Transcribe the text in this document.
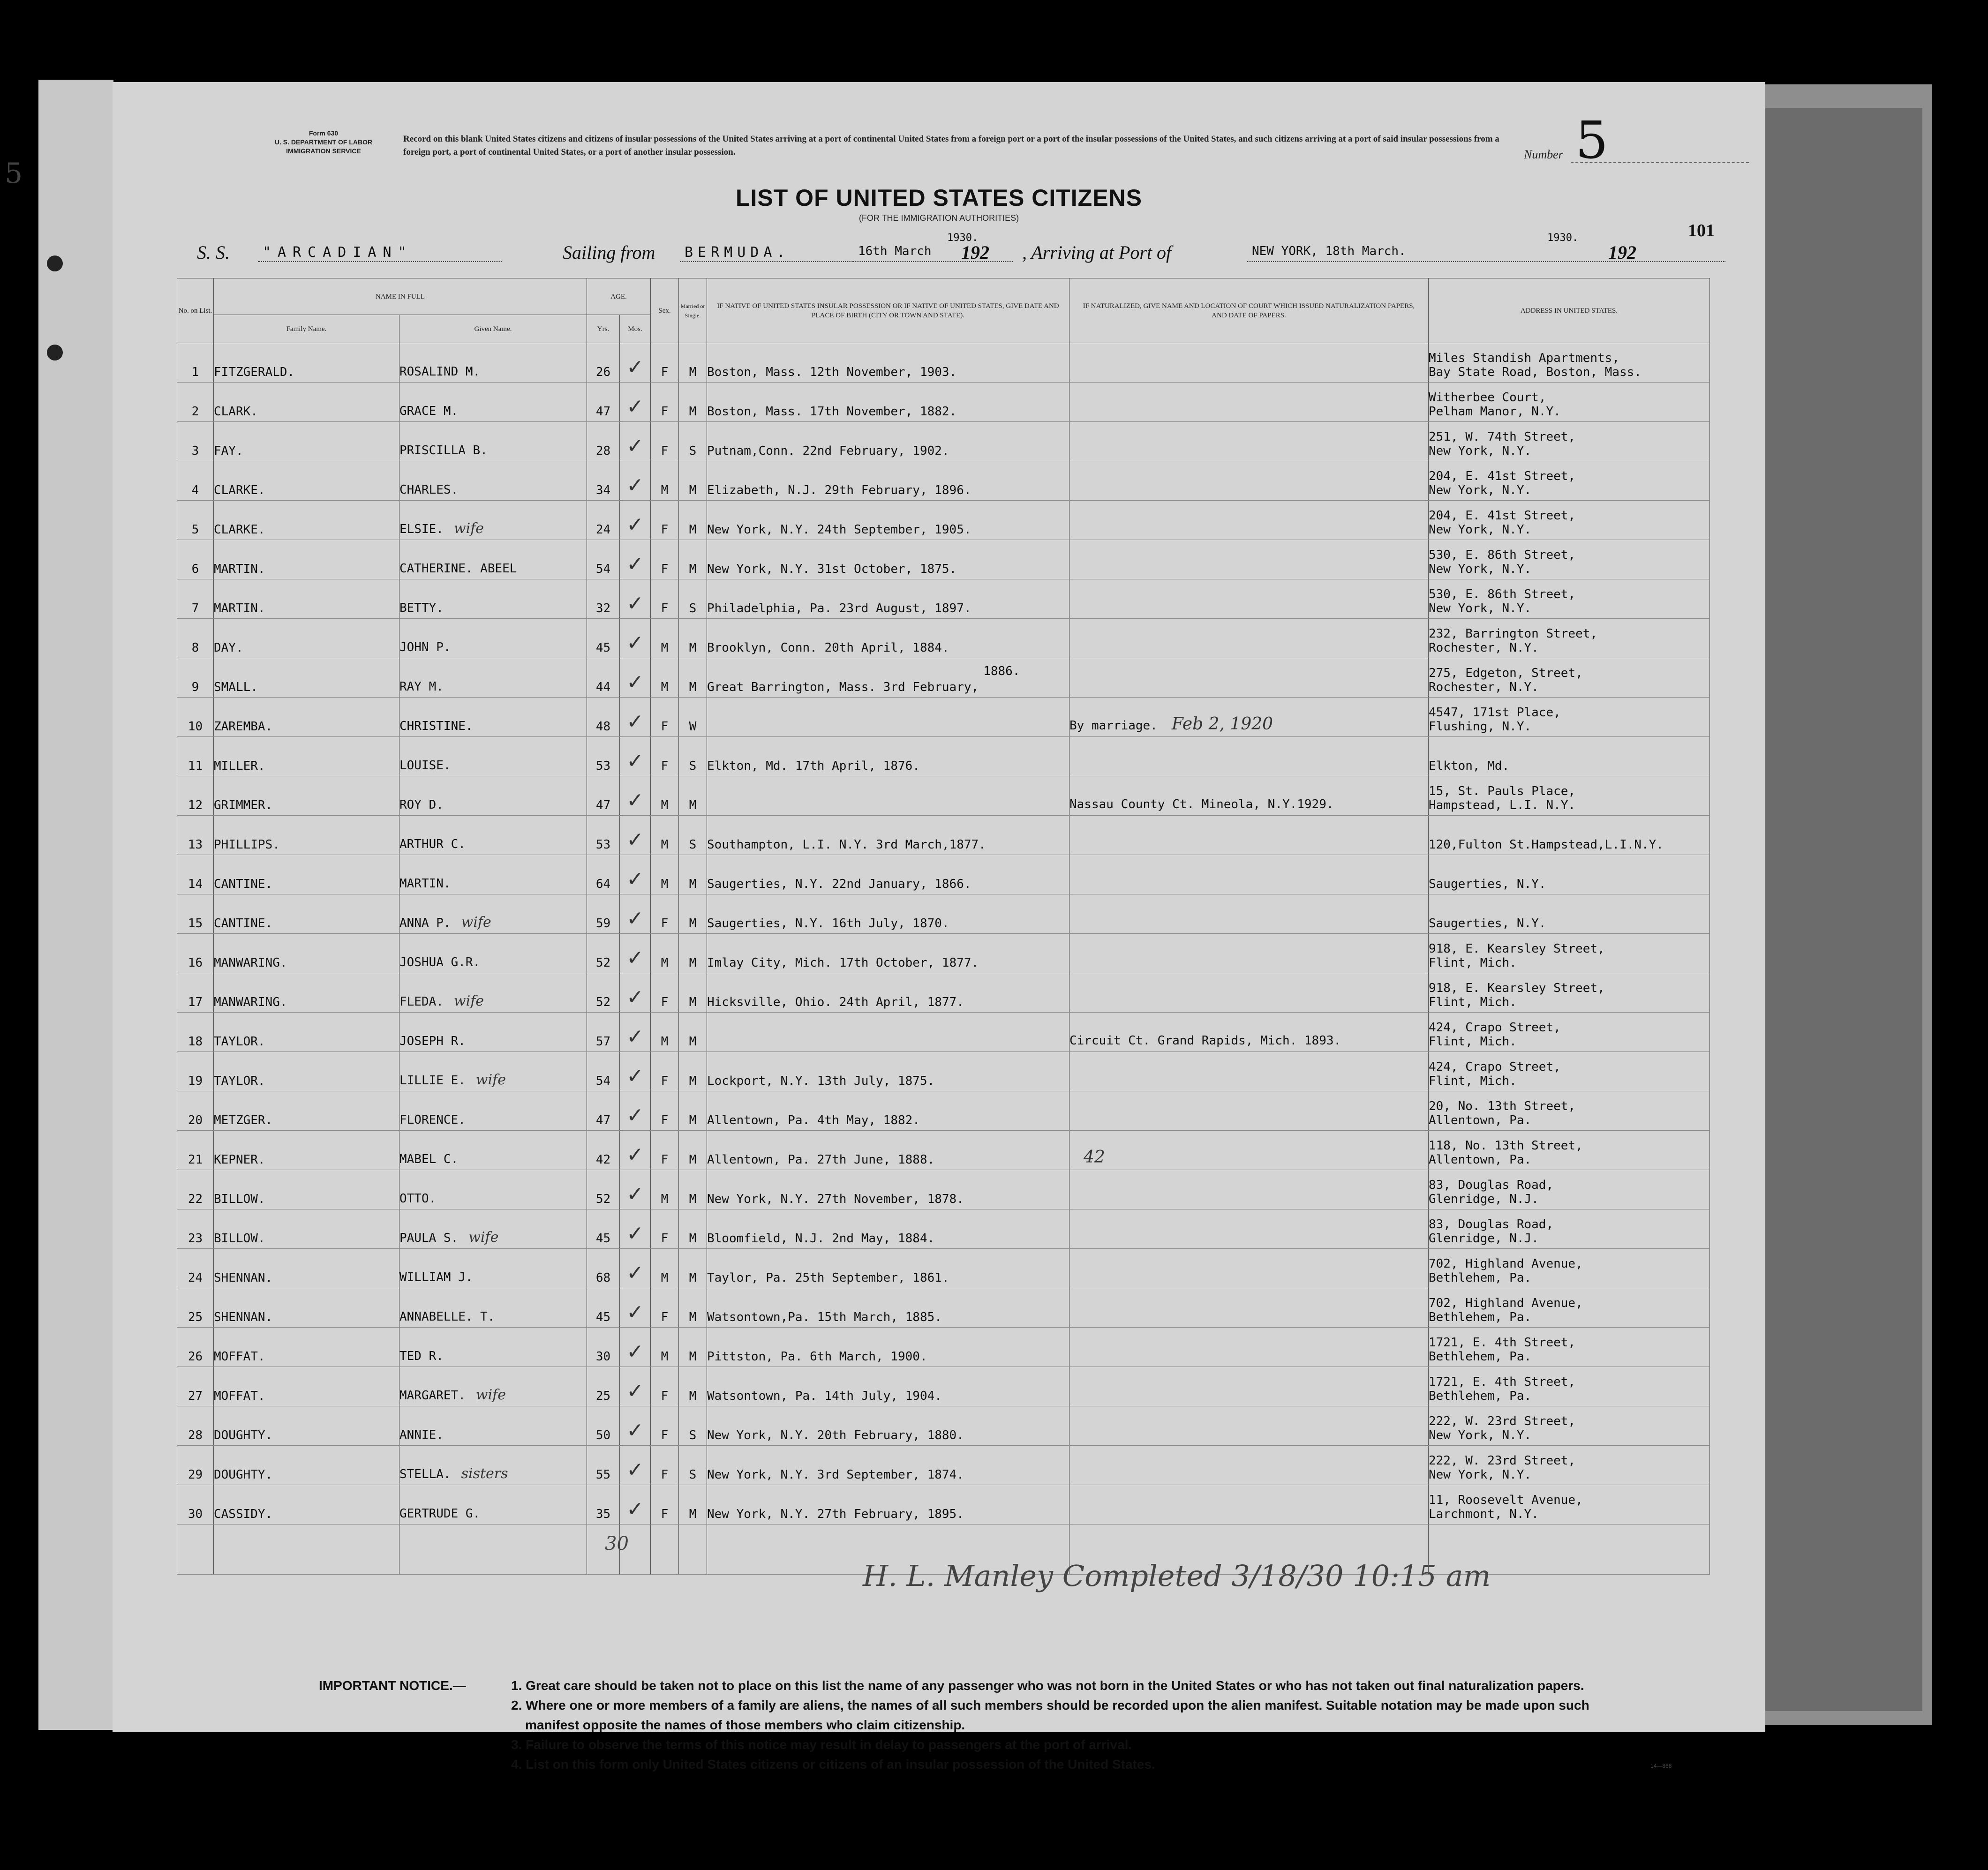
5
Form 630
U. S. DEPARTMENT OF LABOR
IMMIGRATION SERVICE
Record on this blank United States citizens and citizens of insular possessions of the United States arriving at a port of continental United States from a foreign port or a port of the insular possessions of the United States, and such citizens arriving at a port of said insular possessions from a foreign port, a port of continental United States, or a port of another insular possession.	Number 5
LIST OF UNITED STATES CITIZENS
(FOR THE IMMIGRATION AUTHORITIES)
101
S. S. "ARCADIAN"	Sailing from BERMUDA.	16th March
1930.
192 , Arriving at Port of	NEW YORK, 18th March.
1930.
192
No. on List.	NAME IN FULL		AGE.		Sex.	Married or Single.	IF NATIVE OF UNITED STATES INSULAR POSSESSION OR IF NATIVE OF UNITED STATES, GIVE DATE AND PLACE OF BIRTH (CITY OR TOWN AND STATE).	IF NATURALIZED, GIVE NAME AND LOCATION OF COURT WHICH ISSUED NATURALIZATION PAPERS, AND DATE OF PAPERS.	ADDRESS IN UNITED STATES.
	Family Name.	Given Name.	Yrs.	Mos.					
1	FITZGERALD.	ROSALIND M.	26	✓	F	M	Boston, Mass. 12th November, 1903.		Miles Standish Apartments,
Bay State Road, Boston, Mass.

2	CLARK.	GRACE M.	47	✓	F	M	Boston, Mass. 17th November, 1882.		Witherbee Court,
Pelham Manor, N.Y.

3	FAY.	PRISCILLA B.	28	✓	F	S	Putnam,Conn. 22nd February, 1902.		251, W. 74th Street,
New York, N.Y.

4	CLARKE.	CHARLES.	34	✓	M	M	Elizabeth, N.J. 29th February, 1896.		204, E. 41st Street,
New York, N.Y.

5	CLARKE.	ELSIE. wife	24	✓	F	M	New York, N.Y. 24th September, 1905.		204, E. 41st Street,
New York, N.Y.

6	MARTIN.	CATHERINE. ABEEL	54	✓	F	M	New York, N.Y. 31st October, 1875.		530, E. 86th Street,
New York, N.Y.

7	MARTIN.	BETTY.	32	✓	F	S	Philadelphia, Pa. 23rd August, 1897.		530, E. 86th Street,
New York, N.Y.

8	DAY.	JOHN P.	45	✓	M	M	Brooklyn, Conn. 20th April, 1884.		232, Barrington Street,
Rochester, N.Y.

9	SMALL.	RAY M.	44	✓	M	M	Great Barrington, Mass. 3rd February,1886.		275, Edgeton, Street,
Rochester, N.Y.

10	ZAREMBA.	CHRISTINE.	48	✓	F	W		By marriage. Feb 2, 1920	4547, 171st Place,
Flushing, N.Y.

11	MILLER.	LOUISE.	53	✓	F	S	Elkton, Md. 17th April, 1876.		Elkton, Md.

12	GRIMMER.	ROY D.	47	✓	M	M		Nassau County Ct. Mineola, N.Y.1929.	15, St. Pauls Place,
Hampstead, L.I. N.Y.

13	PHILLIPS.	ARTHUR C.	53	✓	M	S	Southampton, L.I. N.Y. 3rd March,1877.		120,Fulton St.Hampstead,L.I.N.Y.

14	CANTINE.	MARTIN.	64	✓	M	M	Saugerties, N.Y. 22nd January, 1866.		Saugerties, N.Y.

15	CANTINE.	ANNA P. wife	59	✓	F	M	Saugerties, N.Y. 16th July, 1870.		Saugerties, N.Y.

16	MANWARING.	JOSHUA G.R.	52	✓	M	M	Imlay City, Mich. 17th October, 1877.		918, E. Kearsley Street,
Flint, Mich.

17	MANWARING.	FLEDA. wife	52	✓	F	M	Hicksville, Ohio. 24th April, 1877.		918, E. Kearsley Street,
Flint, Mich.

18	TAYLOR.	JOSEPH R.	57	✓	M	M		Circuit Ct. Grand Rapids, Mich. 1893.	424, Crapo Street,
Flint, Mich.

19	TAYLOR.	LILLIE E. wife	54	✓	F	M	Lockport, N.Y. 13th July, 1875.		424, Crapo Street,
Flint, Mich.

20	METZGER.	FLORENCE.	47	✓	F	M	Allentown, Pa. 4th May, 1882.		20, No. 13th Street,
Allentown, Pa.

21	KEPNER.	MABEL C.	42	✓	F	M	Allentown, Pa. 27th June, 1888.	42	118, No. 13th Street,
Allentown, Pa.

22	BILLOW.	OTTO.	52	✓	M	M	New York, N.Y. 27th November, 1878.		83, Douglas Road,
Glenridge, N.J.

23	BILLOW.	PAULA S. wife	45	✓	F	M	Bloomfield, N.J. 2nd May, 1884.		83, Douglas Road,
Glenridge, N.J.

24	SHENNAN.	WILLIAM J.	68	✓	M	M	Taylor, Pa. 25th September, 1861.		702, Highland Avenue,
Bethlehem, Pa.

25	SHENNAN.	ANNABELLE. T.	45	✓	F	M	Watsontown,Pa. 15th March, 1885.		702, Highland Avenue,
Bethlehem, Pa.

26	MOFFAT.	TED R.	30	✓	M	M	Pittston, Pa. 6th March, 1900.		1721, E. 4th Street,
Bethlehem, Pa.

27	MOFFAT.	MARGARET. wife	25	✓	F	M	Watsontown, Pa. 14th July, 1904.		1721, E. 4th Street,
Bethlehem, Pa.

28	DOUGHTY.	ANNIE.	50	✓	F	S	New York, N.Y. 20th February, 1880.		222, W. 23rd Street,
New York, N.Y.

29	DOUGHTY.	STELLA. sisters	55	✓	F	S	New York, N.Y. 3rd September, 1874.		222, W. 23rd Street,
New York, N.Y.

30	CASSIDY.	GERTRUDE G.	35	✓	F	M	New York, N.Y. 27th February, 1895.		11, Roosevelt Avenue,
Larchmont, N.Y.

H. L. Manley Completed 3/18/30 10:15 am
30
IMPORTANT NOTICE.—	1. Great care should be taken not to place on this list the name of any passenger who was not born in the United States or who has not taken out final naturalization papers.
2. Where one or more members of a family are aliens, the names of all such members should be recorded upon the alien manifest. Suitable notation may be made upon such
manifest opposite the names of those members who claim citizenship.
3. Failure to observe the terms of this notice may result in delay to passengers at the port of arrival.
4. List on this form only United States citizens or citizens of an insular possession of the United States.	14—868
